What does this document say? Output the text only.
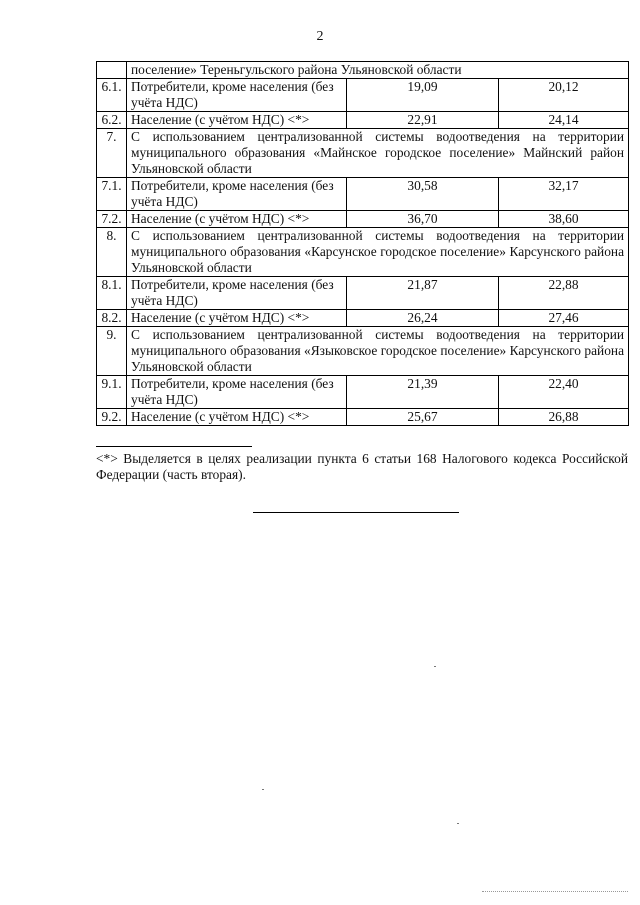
2
	поселение» Тереньгульского района Ульяновской области		
6.1.	Потребители, кроме населения (без учёта НДС)	19,09	20,12
6.2.	Население (с учётом НДС) <*>	22,91	24,14
7.	С использованием централизованной системы водоотведения на территории муниципального образования «Майнское городское поселение» Майнский район Ульяновской области		
7.1.	Потребители, кроме населения (без учёта НДС)	30,58	32,17
7.2.	Население (с учётом НДС) <*>	36,70	38,60
8.	С использованием централизованной системы водоотведения на территории муниципального образования «Карсунское городское поселение» Карсунского района Ульяновской области		
8.1.	Потребители, кроме населения (без учёта НДС)	21,87	22,88
8.2.	Население (с учётом НДС) <*>	26,24	27,46
9.	С использованием централизованной системы водоотведения на территории муниципального образования «Языковское городское поселение» Карсунского района Ульяновской области		
9.1.	Потребители, кроме населения (без учёта НДС)	21,39	22,40
9.2.	Население (с учётом НДС) <*>	25,67	26,88
<*> Выделяется в целях реализации пункта 6 статьи 168 Налогового кодекса Российской Федерации (часть вторая).
